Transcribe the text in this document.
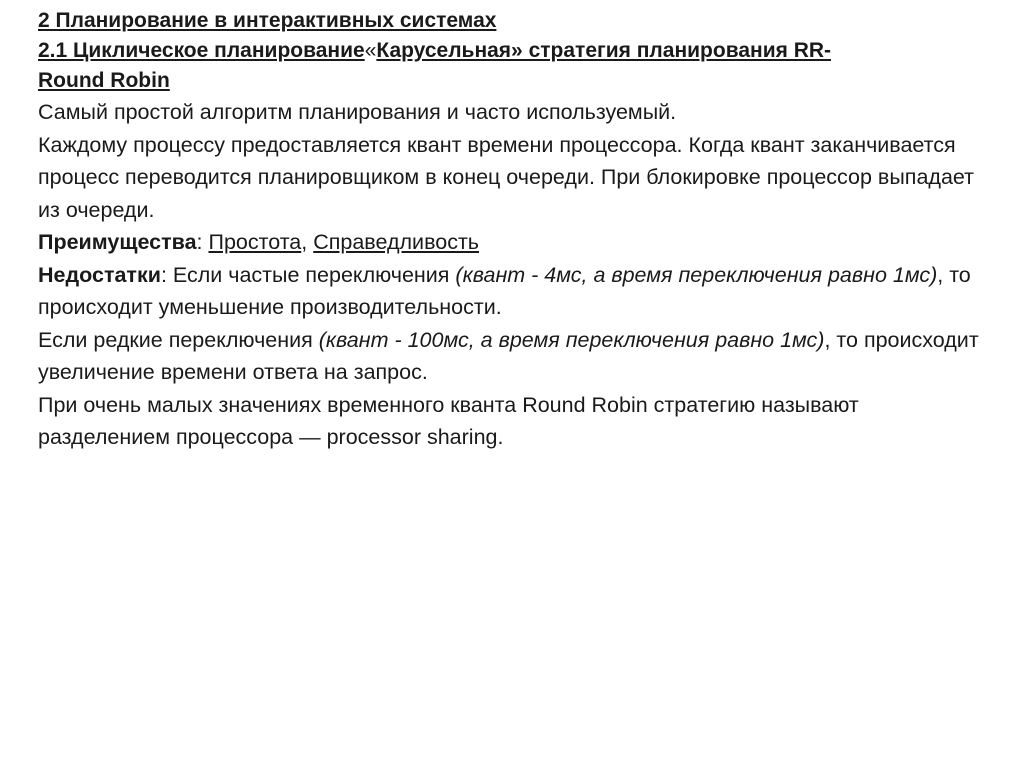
2 Планирование в интерактивных системах

2.1 Циклическое планирование«Карусельная» стратегия планирования RR-
Round Robin

Самый простой алгоритм планирования и часто используемый.

Каждому процессу предоставляется квант времени процессора. Когда квант заканчивается процесс переводится планировщиком в конец очереди. При блокировке процессор выпадает из очереди.

Преимущества: Простота, Справедливость

Недостатки: Если частые переключения (квант - 4мс, а время переключения равно 1мс), то происходит уменьшение производительности.

Если редкие переключения (квант - 100мс, а время переключения равно 1мс), то происходит увеличение времени ответа на запрос.

При очень малых значениях временного кванта Round Robin стратегию называют разделением процессора — processor sharing.
